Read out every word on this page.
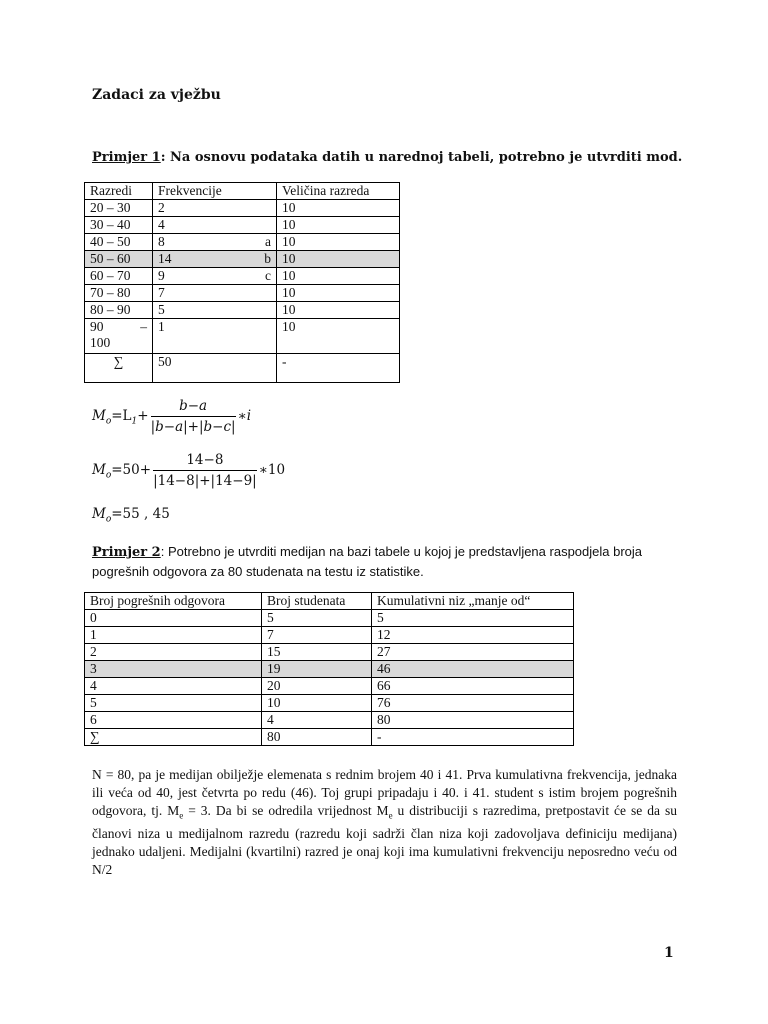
Zadaci za vježbu
Primjer 1: Na osnovu podataka datih u narednoj tabeli, potrebno je utvrditi mod.
Razredi	Frekvencije	Veličina razreda
20 – 30	2	10
30 – 40	4	10
40 – 50	8 a	10
50 – 60	14 b	10
60 – 70	9 c	10
70 – 80	7	10
80 – 90	5	10

90 –
100	1	10
∑	50	-
$M_o=L_1+ \frac{b-a}{|b-a|+|b-c|}$ ∗i
$M_o=50+ \frac{14-8}{|14-8|+|14-9|}$ ∗10
$M_o=55$ , 45
Primjer 2: Potrebno je utvrditi medijan na bazi tabele u kojoj je predstavljena raspodjela broja pogrešnih odgovora za 80 studenata na testu iz statistike.
Broj pogrešnih odgovora	Broj studenata	Kumulativni niz „manje od“
0	5	5
1	7	12
2	15	27
3	19	46
4	20	66
5	10	76
6	4	80
∑	80	-
N = 80, pa je medijan obilježje elemenata s rednim brojem 40 i 41. Prva kumulativna frekvencija, jednaka ili veća od 40, jest četvrta po redu (46). Toj grupi pripadaju i 40. i 41. student s istim brojem pogrešnih odgovora, tj. $M_e = 3$. Da bi se odredila vrijednost $M_e$ u distribuciji s razredima, pretpostavit će se da su članovi niza u medijalnom razredu (razredu koji sadrži član niza koji zadovoljava definiciju medijana) jednako udaljeni. Medijalni (kvartilni) razred je onaj koji ima kumulativni frekvenciju neposredno veću od N/2
1
